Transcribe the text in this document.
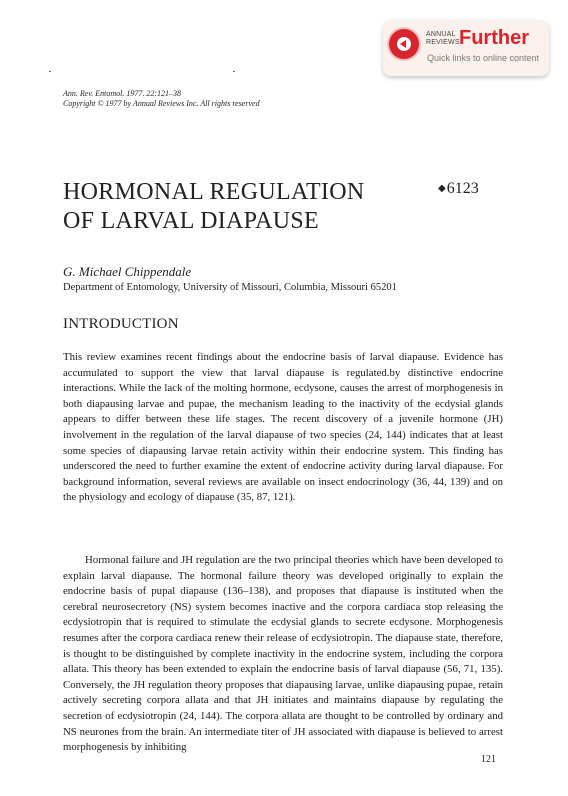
ANNUAL
REVIEWS Further
Quick links to online content
Ann. Rev. Entomol. 1977. 22:121–38
Copyright © 1977 by Annual Reviews Inc. All rights reserved
HORMONAL REGULATION
OF LARVAL DIAPAUSE
◆6123
G. Michael Chippendale
Department of Entomology, University of Missouri, Columbia, Missouri 65201
INTRODUCTION
This review examines recent findings about the endocrine basis of larval diapause. Evidence has accumulated to support the view that larval diapause is regulated.by distinctive endocrine interactions. While the lack of the molting hormone, ecdysone, causes the arrest of morphogenesis in both diapausing larvae and pupae, the mechanism leading to the inactivity of the ecdysial glands appears to differ between these life stages. The recent discovery of a juvenile hormone (JH) involvement in the regulation of the larval diapause of two species (24, 144) indicates that at least some species of diapausing larvae retain activity within their endocrine system. This finding has underscored the need to further examine the extent of endocrine activity during larval diapause. For background information, several reviews are available on insect endocrinology (36, 44, 139) and on the physiology and ecology of diapause (35, 87, 121).
Hormonal failure and JH regulation are the two principal theories which have been developed to explain larval diapause. The hormonal failure theory was developed originally to explain the endocrine basis of pupal diapause (136–138), and proposes that diapause is instituted when the cerebral neurosecretory (NS) system becomes inactive and the corpora cardiaca stop releasing the ecdysiotropin that is required to stimulate the ecdysial glands to secrete ecdysone. Morphogenesis resumes after the corpora cardiaca renew their release of ecdysiotropin. The diapause state, therefore, is thought to be distinguished by complete inactivity in the endocrine system, including the corpora allata. This theory has been extended to explain the endocrine basis of larval diapause (56, 71, 135). Conversely, the JH regulation theory proposes that diapausing larvae, unlike diapausing pupae, retain actively secreting corpora allata and that JH initiates and maintains diapause by regulating the secretion of ecdysiotropin (24, 144). The corpora allata are thought to be controlled by ordinary and NS neurones from the brain. An intermediate titer of JH associated with diapause is believed to arrest morphogenesis by inhibiting
121
